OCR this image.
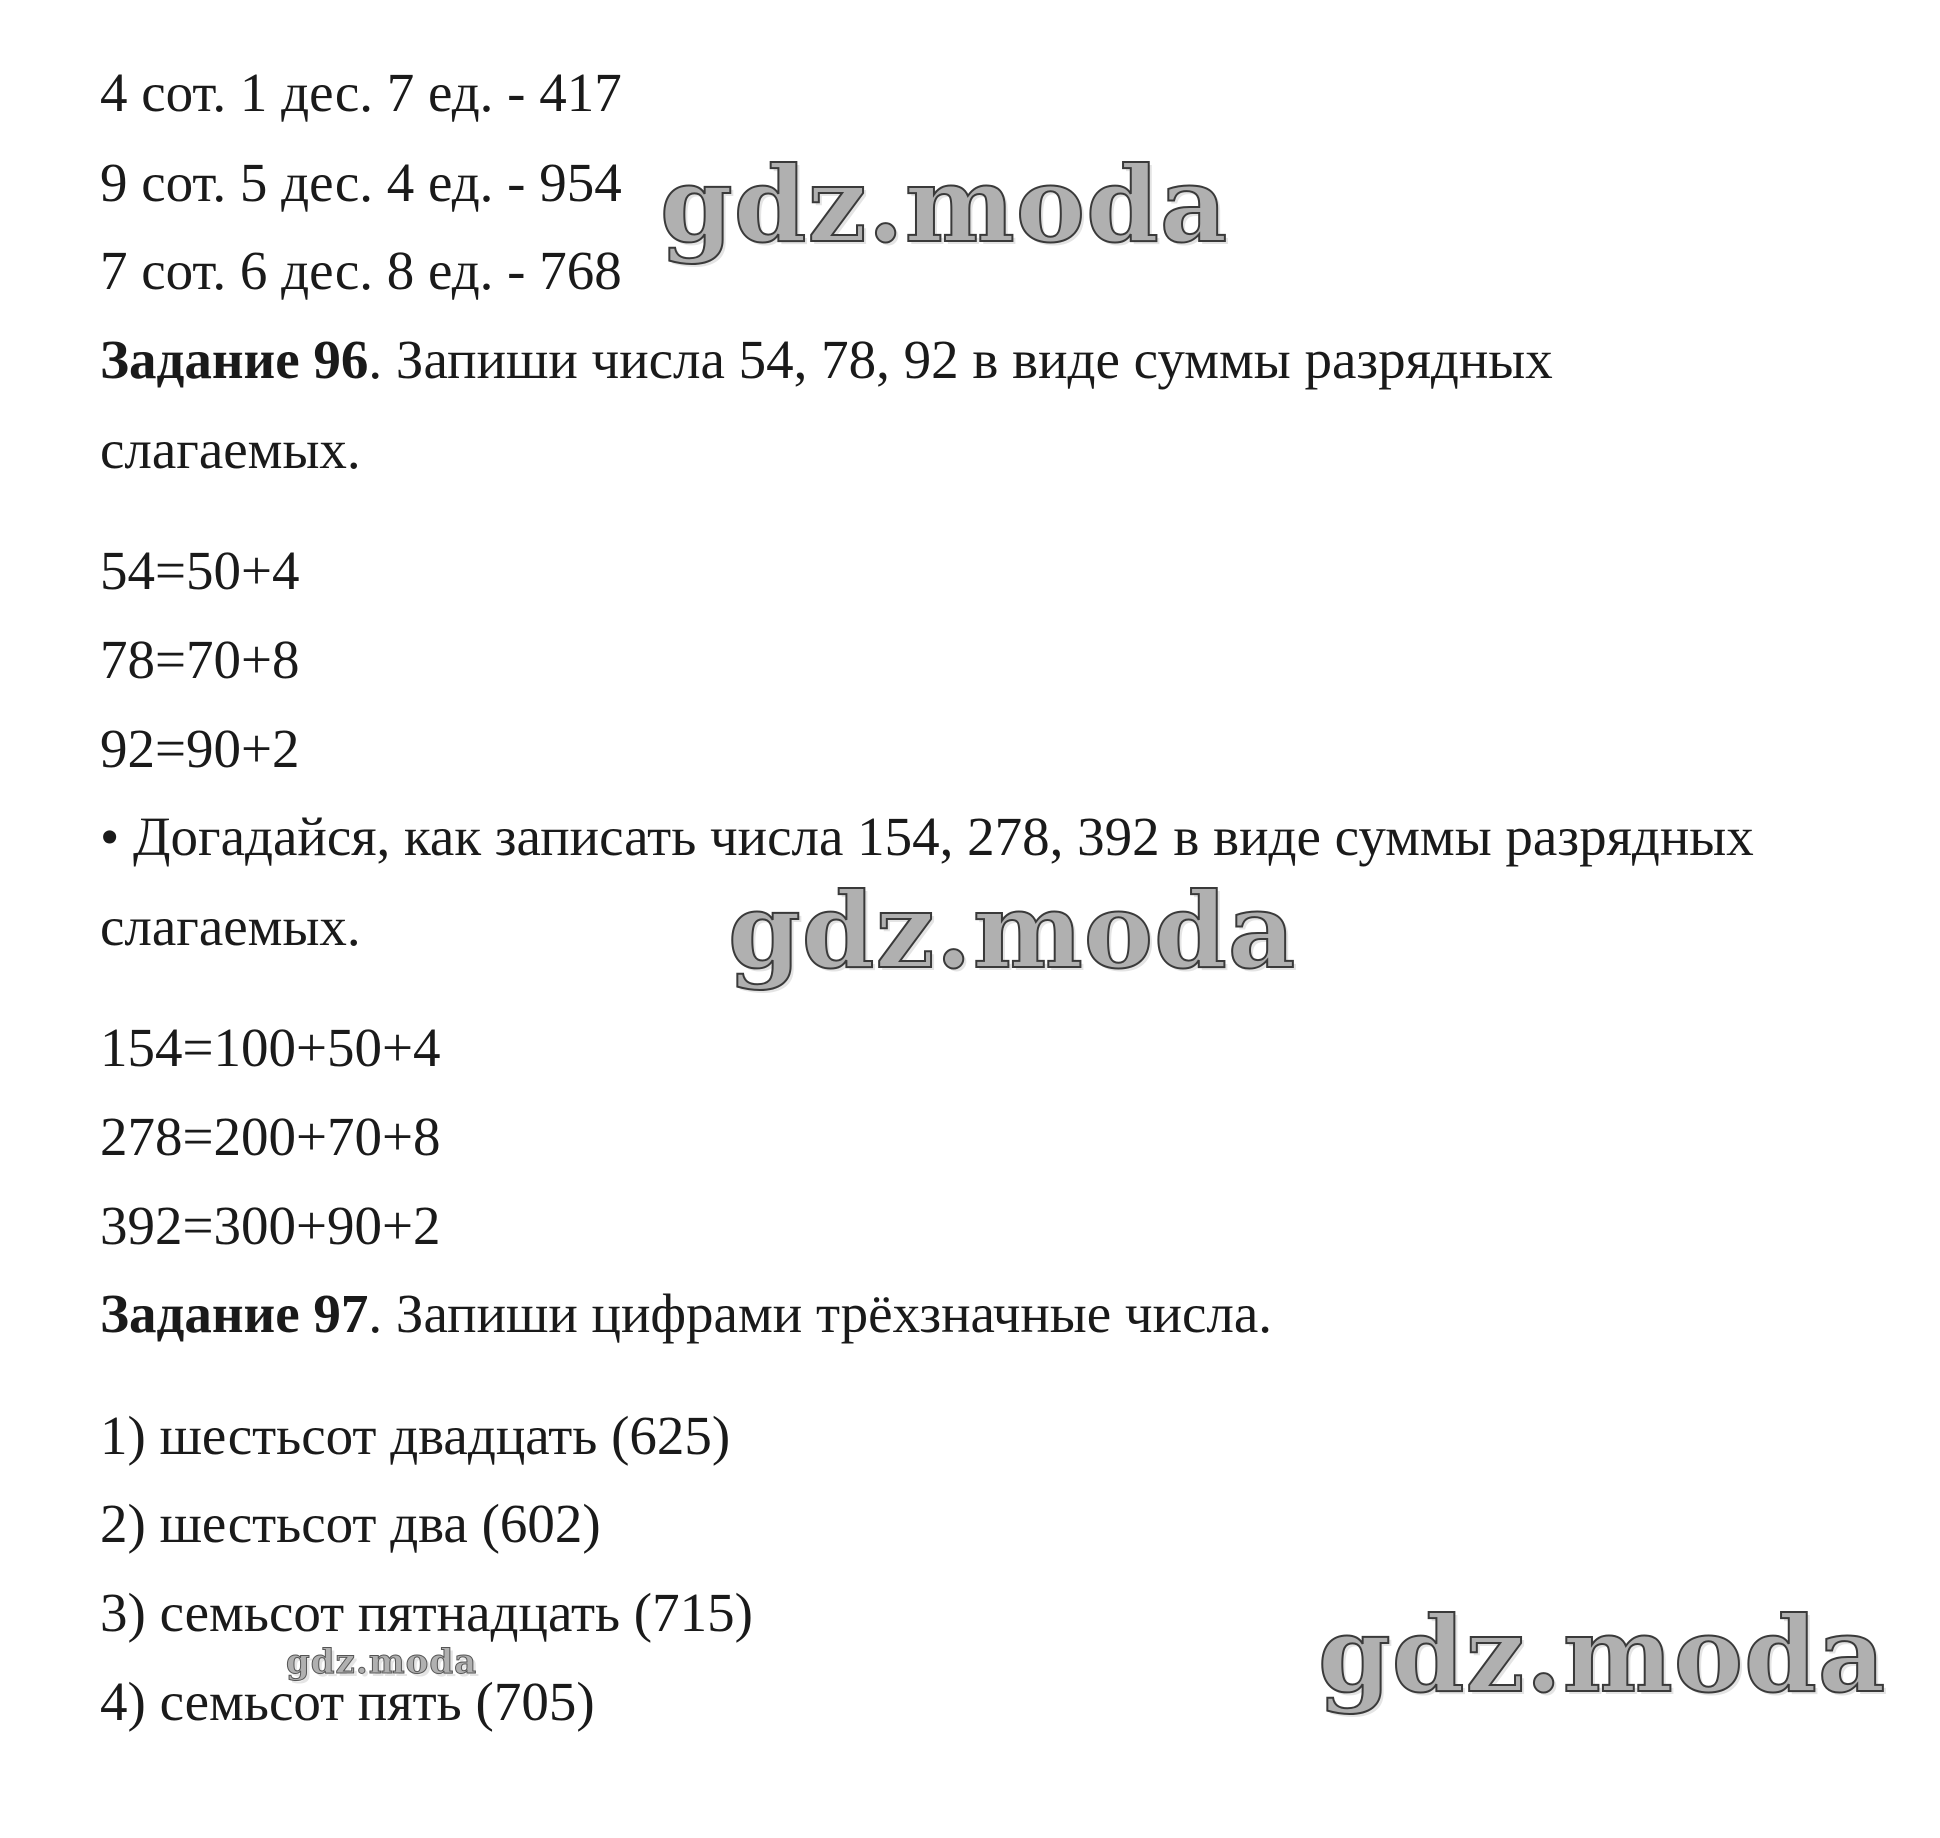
4 сот. 1 дес. 7 ед. - 417
9 сот. 5 дес. 4 ед. - 954
7 сот. 6 дес. 8 ед. - 768
Задание 96. Запиши числа 54, 78, 92 в виде суммы разрядных
слагаемых.
54=50+4
78=70+8
92=90+2
• Догадайся, как записать числа 154, 278, 392 в виде суммы разрядных
слагаемых.
154=100+50+4
278=200+70+8
392=300+90+2
Задание 97. Запиши цифрами трёхзначные числа.
1) шестьсот двадцать (625)
2) шестьсот два (602)
3) семьсот пятнадцать (715)
4) семьсот пять (705)
gdz.moda
gdz.moda
gdz.moda
gdz.moda
